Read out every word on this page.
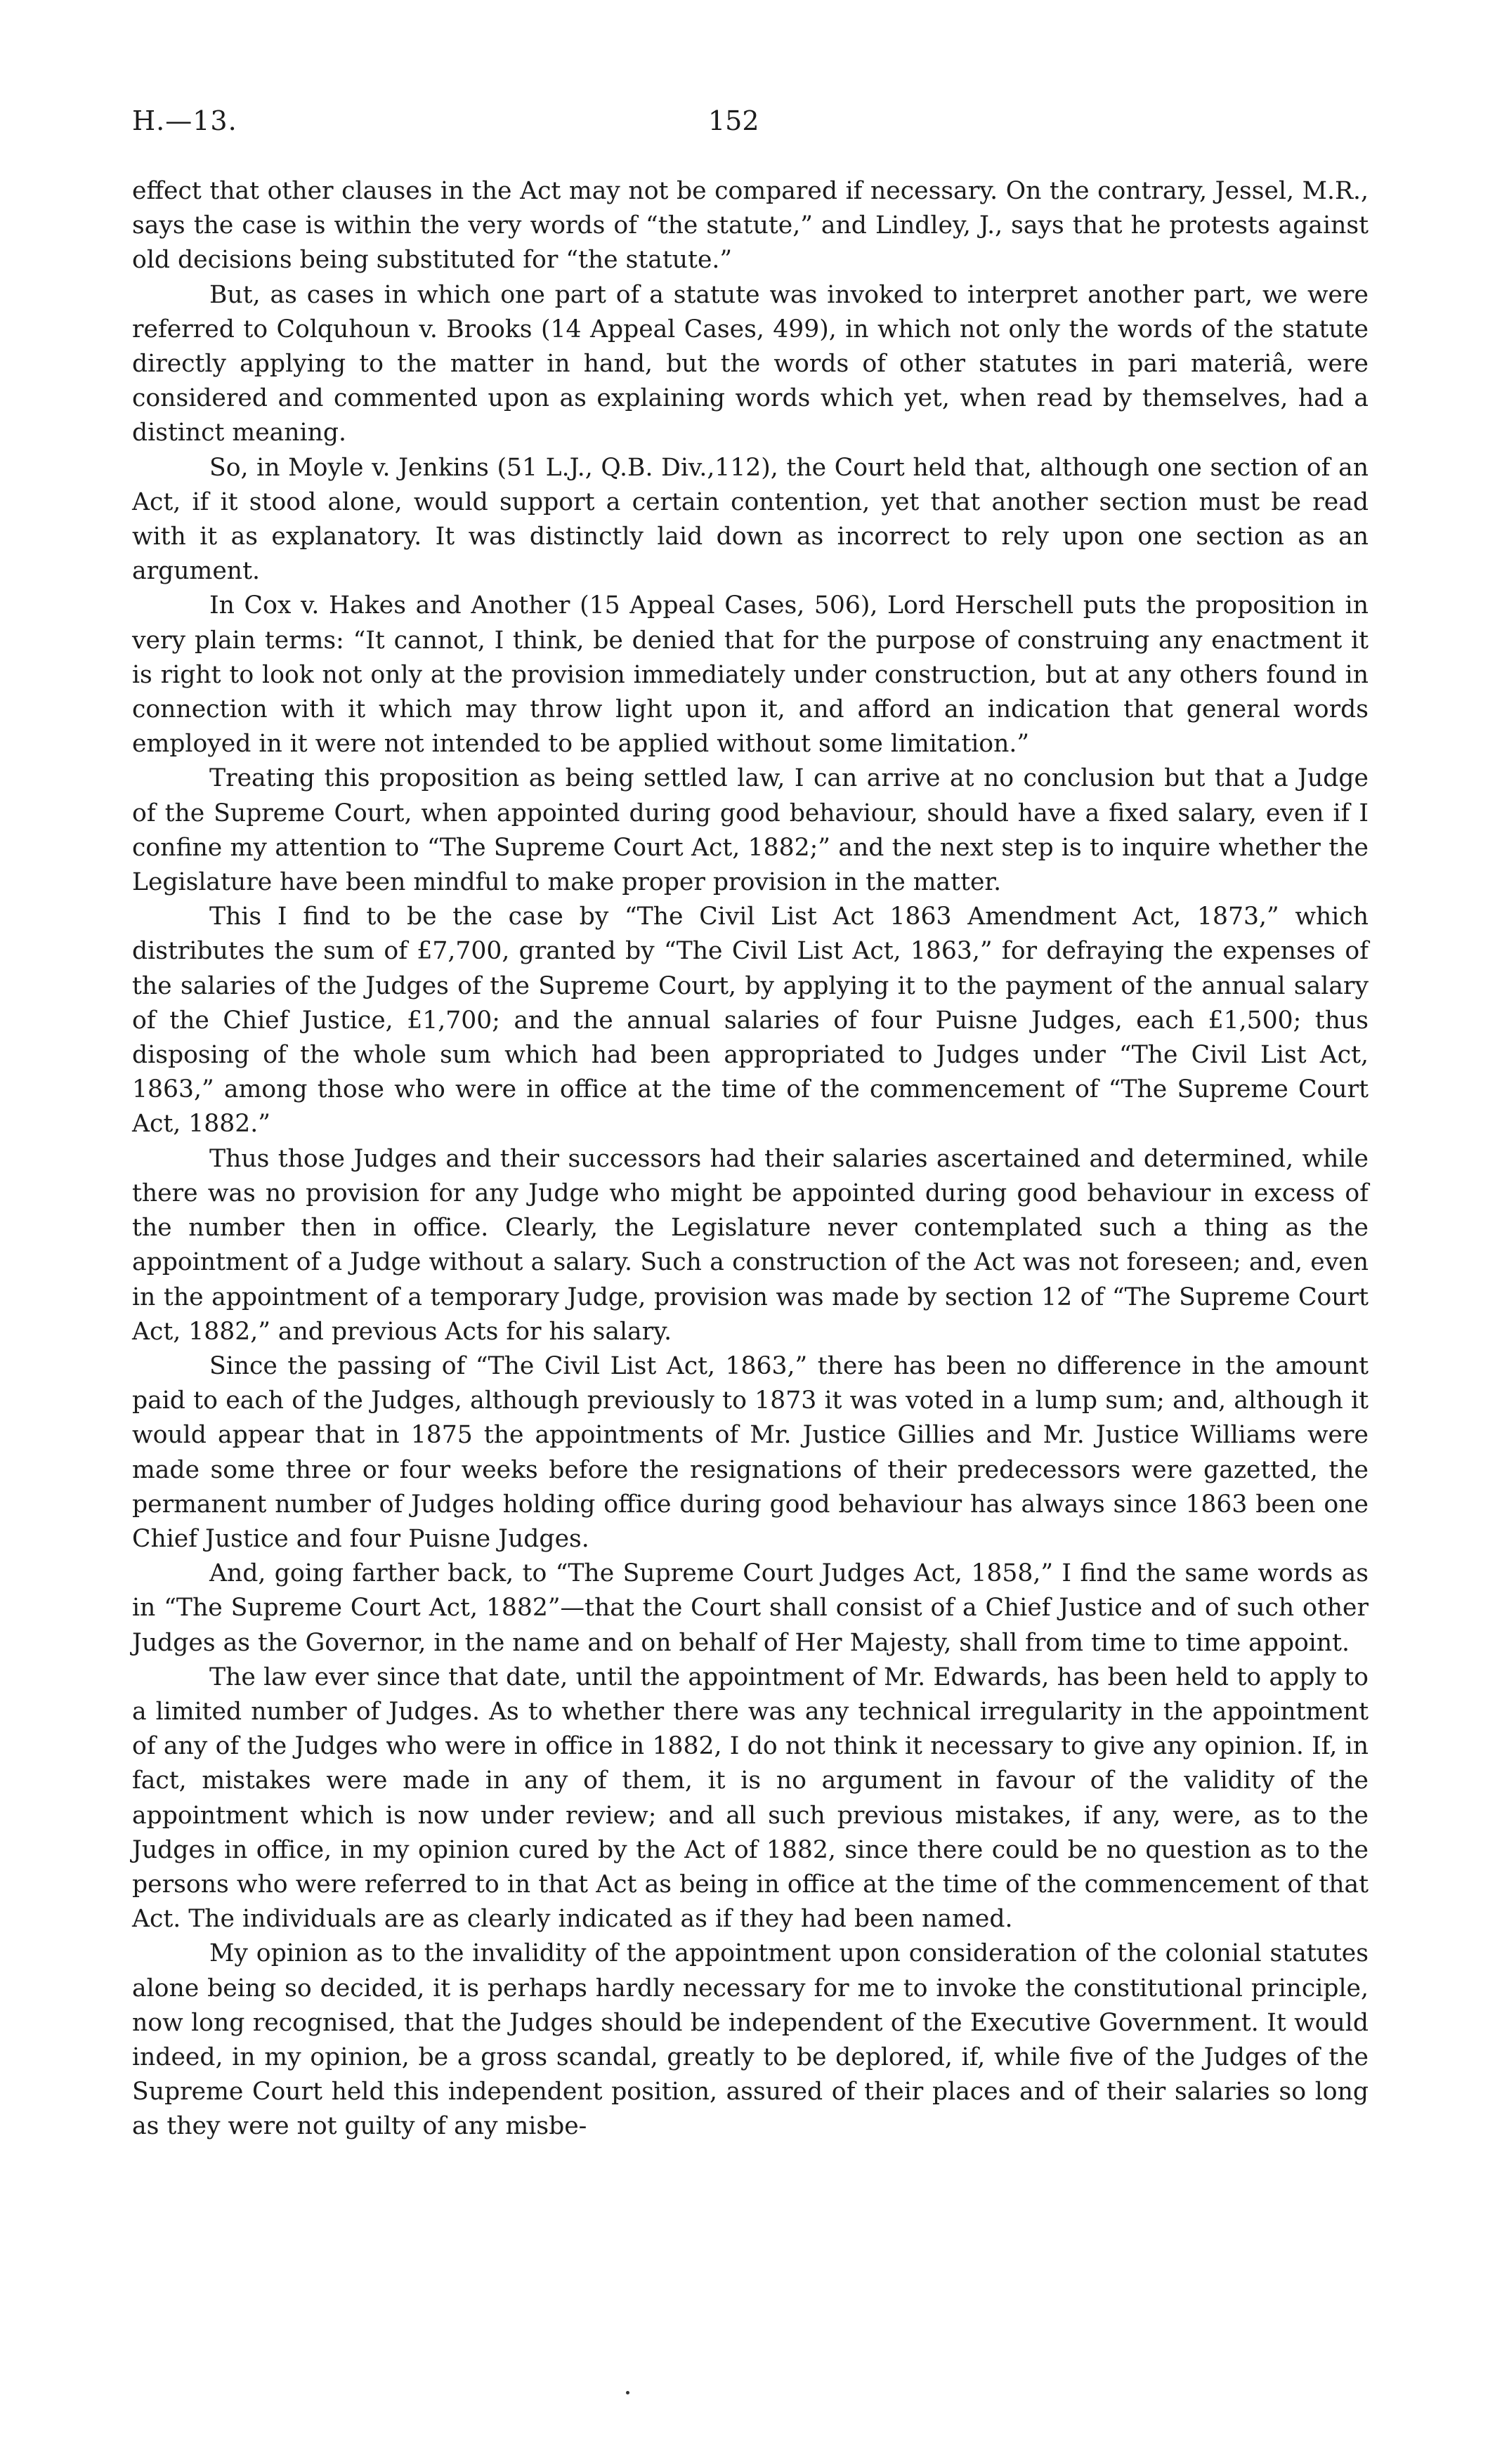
H.—13.	152

effect that other clauses in the Act may not be compared if necessary. On the contrary, Jessel, M.R., says the case is within the very words of “the statute,” and Lindley, J., says that he protests against old decisions being substituted for “the statute.”

But, as cases in which one part of a statute was invoked to interpret another part, we were referred to Colquhoun v. Brooks (14 Appeal Cases, 499), in which not only the words of the statute directly applying to the matter in hand, but the words of other statutes in pari materiâ, were considered and commented upon as explaining words which yet, when read by themselves, had a distinct meaning.

So, in Moyle v. Jenkins (51 L.J., Q.B. Div.,112), the Court held that, although one section of an Act, if it stood alone, would support a certain contention, yet that another section must be read with it as explanatory. It was distinctly laid down as incorrect to rely upon one section as an argument.

In Cox v. Hakes and Another (15 Appeal Cases, 506), Lord Herschell puts the proposition in very plain terms: “It cannot, I think, be denied that for the purpose of construing any enactment it is right to look not only at the provision immediately under construction, but at any others found in connection with it which may throw light upon it, and afford an indication that general words employed in it were not intended to be applied without some limitation.”

Treating this proposition as being settled law, I can arrive at no conclusion but that a Judge of the Supreme Court, when appointed during good behaviour, should have a fixed salary, even if I confine my attention to “The Supreme Court Act, 1882;” and the next step is to inquire whether the Legislature have been mindful to make proper provision in the matter.

This I find to be the case by “The Civil List Act 1863 Amendment Act, 1873,” which distributes the sum of £7,700, granted by “The Civil List Act, 1863,” for defraying the expenses of the salaries of the Judges of the Supreme Court, by applying it to the payment of the annual salary of the Chief Justice, £1,700; and the annual salaries of four Puisne Judges, each £1,500; thus disposing of the whole sum which had been appropriated to Judges under “The Civil List Act, 1863,” among those who were in office at the time of the commencement of “The Supreme Court Act, 1882.”

Thus those Judges and their successors had their salaries ascertained and determined, while there was no provision for any Judge who might be appointed during good behaviour in excess of the number then in office. Clearly, the Legislature never contemplated such a thing as the appointment of a Judge without a salary. Such a construction of the Act was not foreseen; and, even in the appointment of a temporary Judge, provision was made by section 12 of “The Supreme Court Act, 1882,” and previous Acts for his salary.

Since the passing of “The Civil List Act, 1863,” there has been no difference in the amount paid to each of the Judges, although previously to 1873 it was voted in a lump sum; and, although it would appear that in 1875 the appointments of Mr. Justice Gillies and Mr. Justice Williams were made some three or four weeks before the resignations of their predecessors were gazetted, the permanent number of Judges holding office during good behaviour has always since 1863 been one Chief Justice and four Puisne Judges.

And, going farther back, to “The Supreme Court Judges Act, 1858,” I find the same words as in “The Supreme Court Act, 1882”—that the Court shall consist of a Chief Justice and of such other Judges as the Governor, in the name and on behalf of Her Majesty, shall from time to time appoint.

The law ever since that date, until the appointment of Mr. Edwards, has been held to apply to a limited number of Judges. As to whether there was any technical irregularity in the appointment of any of the Judges who were in office in 1882, I do not think it necessary to give any opinion. If, in fact, mistakes were made in any of them, it is no argument in favour of the validity of the appointment which is now under review; and all such previous mistakes, if any, were, as to the Judges in office, in my opinion cured by the Act of 1882, since there could be no question as to the persons who were referred to in that Act as being in office at the time of the commencement of that Act. The individuals are as clearly indicated as if they had been named.

My opinion as to the invalidity of the appointment upon consideration of the colonial statutes alone being so decided, it is perhaps hardly necessary for me to invoke the constitutional principle, now long recognised, that the Judges should be independent of the Executive Government. It would indeed, in my opinion, be a gross scandal, greatly to be deplored, if, while five of the Judges of the Supreme Court held this independent position, assured of their places and of their salaries so long as they were not guilty of any misbe-
